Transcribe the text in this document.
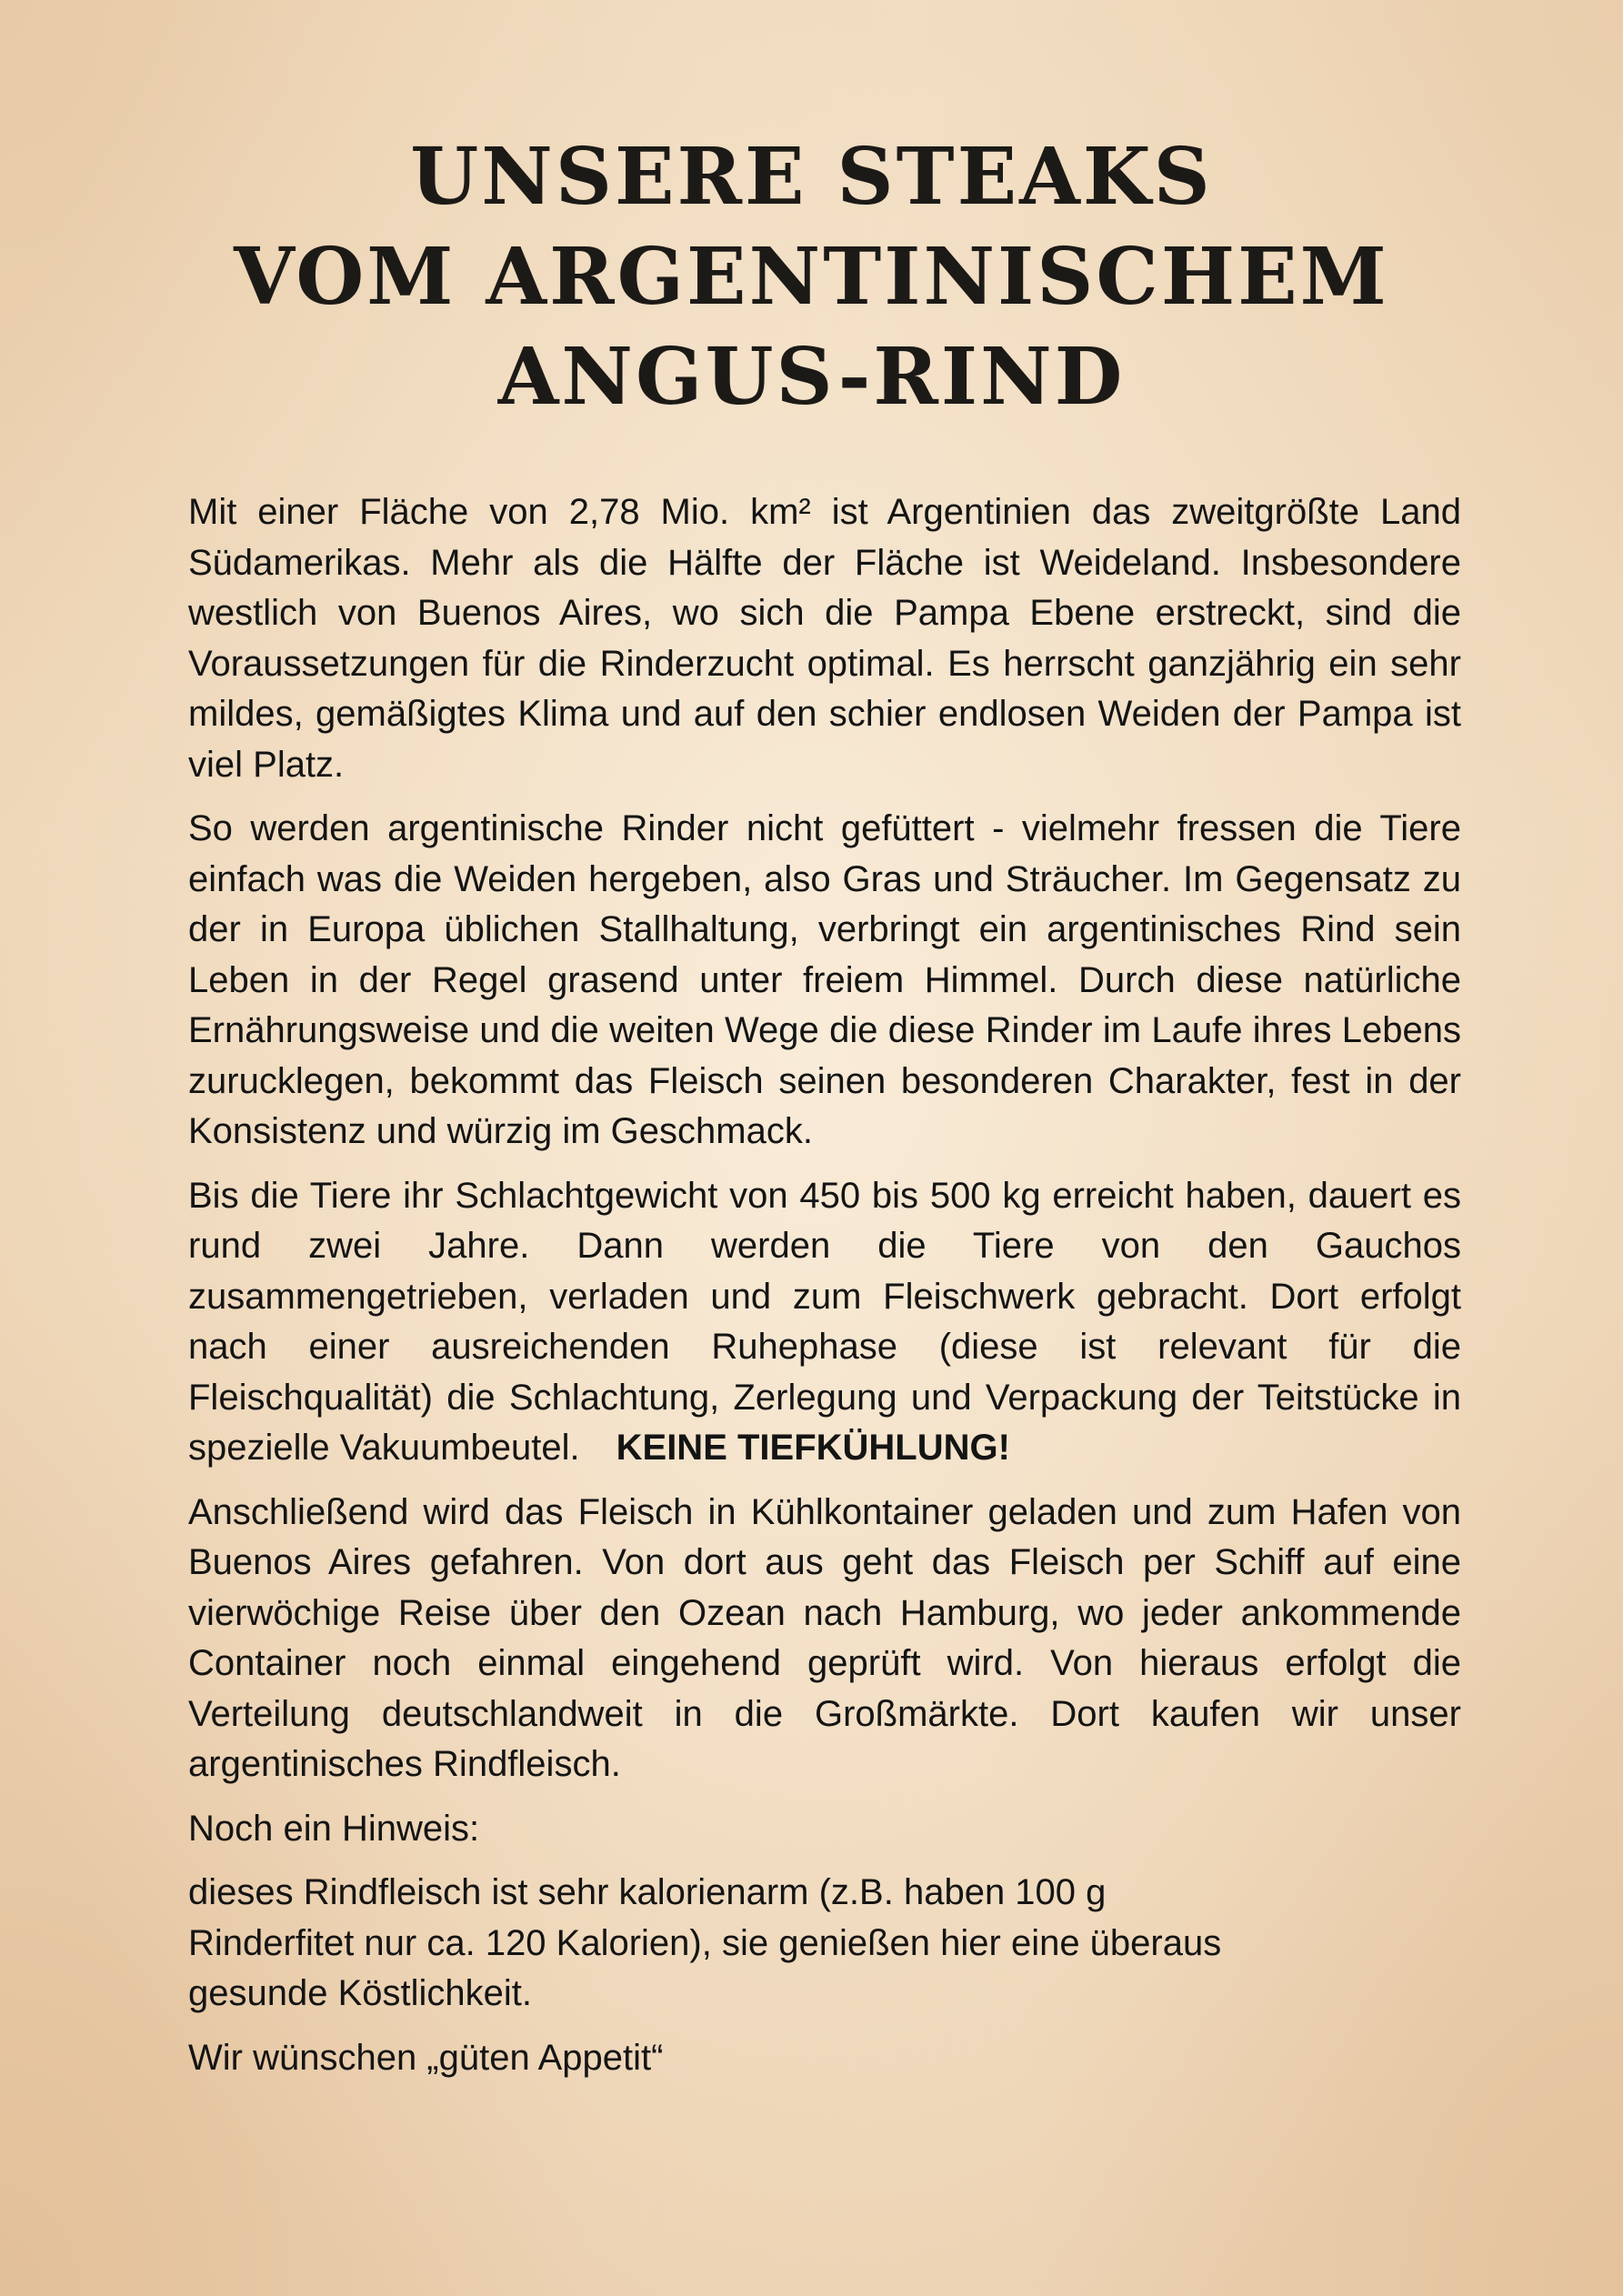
UNSERE STEAKS
VOM ARGENTINISCHEM
ANGUS-RIND

Mit einer Fläche von 2,78 Mio. km² ist Argentinien das zweitgrößte Land Südamerikas. Mehr als die Hälfte der Fläche ist Weideland. Insbesondere westlich von Buenos Aires, wo sich die Pampa Ebene erstreckt, sind die Voraussetzungen für die Rinderzucht optimal. Es herrscht ganzjährig ein sehr mildes, gemäßigtes Klima und auf den schier endlosen Weiden der Pampa ist viel Platz.

So werden argentinische Rinder nicht gefüttert - vielmehr fressen die Tiere einfach was die Weiden hergeben, also Gras und Sträucher. Im Gegensatz zu der in Europa üblichen Stallhaltung, verbringt ein argentinisches Rind sein Leben in der Regel grasend unter freiem Himmel. Durch diese natürliche Ernährungsweise und die weiten Wege die diese Rinder im Laufe ihres Lebens zurucklegen, bekommt das Fleisch seinen besonderen Charakter, fest in der Konsistenz und würzig im Geschmack.

Bis die Tiere ihr Schlachtgewicht von 450 bis 500 kg erreicht haben, dauert es rund zwei Jahre. Dann werden die Tiere von den Gauchos zusammengetrieben, verladen und zum Fleischwerk gebracht. Dort erfolgt nach einer ausreichenden Ruhephase (diese ist relevant für die Fleischqualität) die Schlachtung, Zerlegung und Verpackung der Teitstücke in spezielle Vakuumbeutel. KEINE TIEFKÜHLUNG!

Anschließend wird das Fleisch in Kühlkontainer geladen und zum Hafen von Buenos Aires gefahren. Von dort aus geht das Fleisch per Schiff auf eine vierwöchige Reise über den Ozean nach Hamburg, wo jeder ankommende Container noch einmal eingehend geprüft wird. Von hieraus erfolgt die Verteilung deutschlandweit in die Großmärkte. Dort kaufen wir unser argentinisches Rindfleisch.

Noch ein Hinweis:

dieses Rindfleisch ist sehr kalorienarm (z.B. haben 100 g Rinderfitet nur ca. 120 Kalorien), sie genießen hier eine überaus gesunde Köstlichkeit.

Wir wünschen „güten Appetit“
